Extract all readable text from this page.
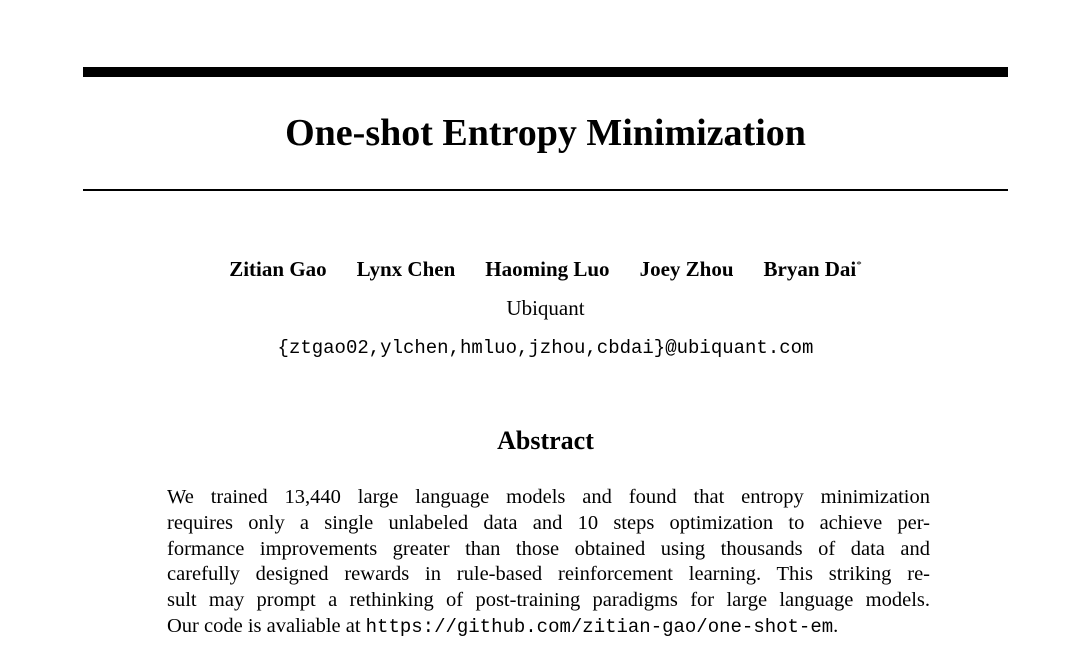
One-shot Entropy Minimization
Zitian Gao Lynx Chen Haoming Luo Joey Zhou Bryan Dai*
Ubiquant
{ztgao02,ylchen,hmluo,jzhou,cbdai}@ubiquant.com
Abstract
We trained 13,440 large language models and found that entropy minimization
requires only a single unlabeled data and 10 steps optimization to achieve per-
formance improvements greater than those obtained using thousands of data and
carefully designed rewards in rule-based reinforcement learning. This striking re-
sult may prompt a rethinking of post-training paradigms for large language models.
Our code is avaliable at https://github.com/zitian-gao/one-shot-em.
